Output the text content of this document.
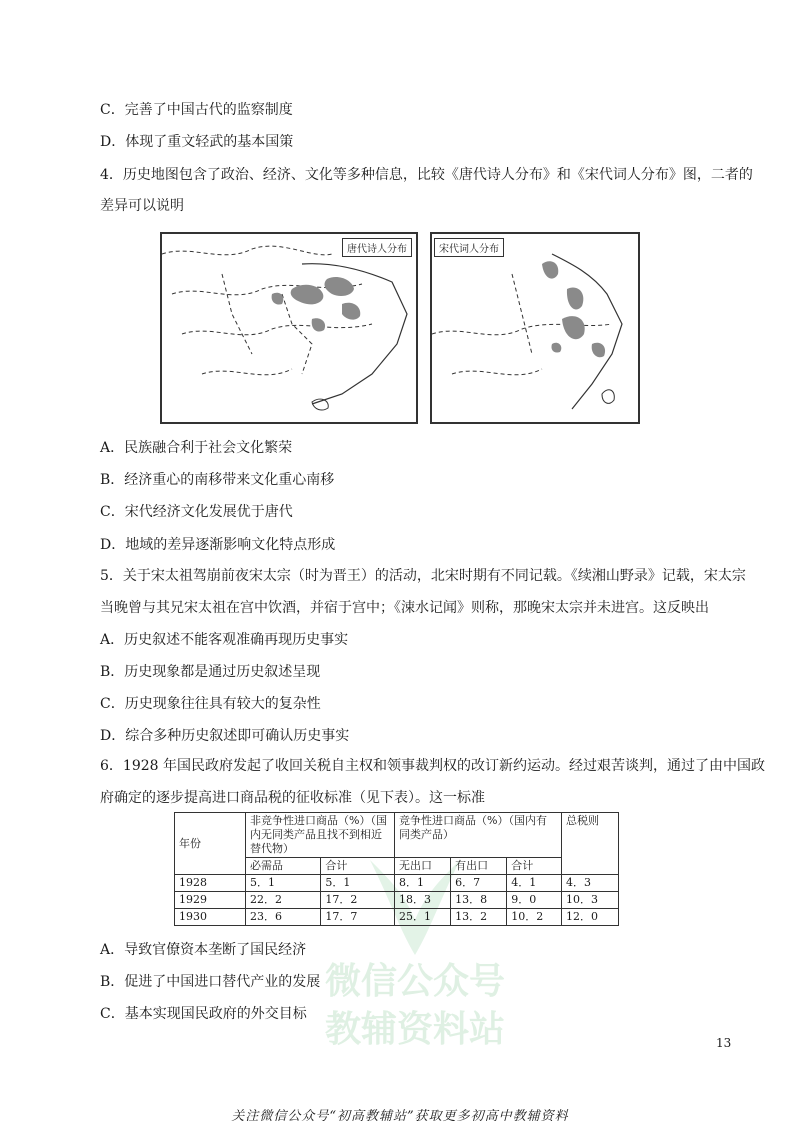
C．完善了中国古代的监察制度
D．体现了重文轻武的基本国策
4．历史地图包含了政治、经济、文化等多种信息，比较《唐代诗人分布》和《宋代词人分布》图，二者的
差异可以说明
唐代诗人分布	宋代词人分布
A．民族融合利于社会文化繁荣
B．经济重心的南移带来文化重心南移
C．宋代经济文化发展优于唐代
D．地域的差异逐渐影响文化特点形成
5．关于宋太祖驾崩前夜宋太宗（时为晋王）的活动，北宋时期有不同记载。《续湘山野录》记载，宋太宗
当晚曾与其兄宋太祖在宫中饮酒，并宿于宫中；《涑水记闻》则称，那晚宋太宗并未进宫。这反映出
A．历史叙述不能客观准确再现历史事实
B．历史现象都是通过历史叙述呈现
C．历史现象往往具有较大的复杂性
D．综合多种历史叙述即可确认历史事实
6．1928 年国民政府发起了收回关税自主权和领事裁判权的改订新约运动。经过艰苦谈判，通过了由中国政
府确定的逐步提高进口商品税的征收标准（见下表）。这一标准
微信公众号
教辅资料站
年份	非竞争性进口商品（%）（国内无同类产品且找不到相近替代物）		竞争性进口商品（%）（国内有同类产品）			总税则
	必需品	合计	无出口	有出口	合计	
1928	5．1	5．1	8．1	6．7	4．1	4．3
1929	22．2	17．2	18．3	13．8	9．0	10．3
1930	23．6	17．7	25．1	13．2	10．2	12．0
A．导致官僚资本垄断了国民经济
B．促进了中国进口替代产业的发展
C．基本实现国民政府的外交目标
13
关注微信公众号“初高教辅站”获取更多初高中教辅资料
